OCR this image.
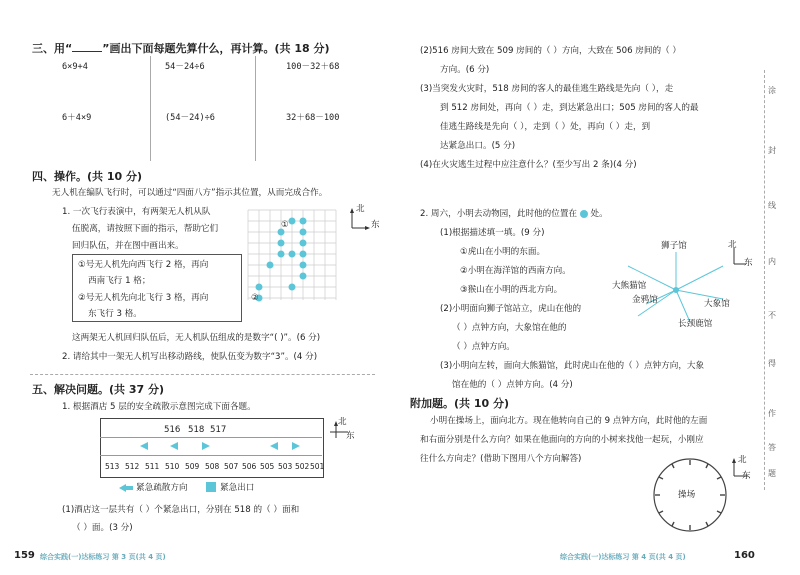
三、用“	”画出下面每题先算什么，再计算。(共 18 分)
6×9+4	54－24÷6	100－32＋68
6＋4×9	(54－24)÷6	32＋68－100
四、操作。(共 10 分)
无人机在编队飞行时，可以通过“四面八方”指示其位置，从而完成合作。
1. 一次飞行表演中，有两架无人机从队
伍脱离，请按照下面的指示，帮助它们
回归队伍，并在图中画出来。
①号无人机先向西飞行 2 格，再向
西南飞行 1 格；
②号无人机先向北飞行 3 格，再向
东飞行 3 格。
①
②
北
东
这两架无人机回归队伍后，无人机队伍组成的是数字“( )”。(6 分)
2. 请给其中一架无人机写出移动路线，使队伍变为数字“3”。(4 分)
五、解决问题。(共 37 分)
1. 根据酒店 5 层的安全疏散示意图完成下面各题。
516 518 517
513 512 511 510 509 508 507 506 505 503 502 501
北
东
紧急疏散方向	紧急出口
(1)酒店这一层共有（ ）个紧急出口，分别在 518 的（ ）面和
（ ）面。(3 分)
159 综合实践(一)达标练习 第 3 页(共 4 页)
(2)516 房间大致在 509 房间的（ ）方向，大致在 506 房间的（ ）
方向。(6 分)
(3)当突发火灾时，518 房间的客人的最佳逃生路线是先向（ ），走
到 512 房间处，再向（ ）走，到达紧急出口；505 房间的客人的最
佳逃生路线是先向（ ），走到（ ）处，再向（ ）走，到
达紧急出口。(5 分)
(4)在火灾逃生过程中应注意什么？(至少写出 2 条)(4 分)
2. 周六，小明去动物园，此时他的位置在 处。
(1)根据描述填一填。(9 分)
①虎山在小明的东面。
②小明在海洋馆的西南方向。
③猴山在小明的西北方向。
(2)小明面向狮子馆站立，虎山在他的
（ ）点钟方向，大象馆在他的
（ ）点钟方向。
狮子馆
大熊猫馆
金鸦馆	大象馆
长颈鹿馆
北
东
(3)小明向左转，面向大熊猫馆，此时虎山在他的（ ）点钟方向，大象
馆在他的（ ）点钟方向。(4 分)
附加题。(共 10 分)
小明在操场上，面向北方。现在他转向自己的 9 点钟方向，此时他的左面
和右面分别是什么方向？如果在他面向的方向的小树来找他一起玩，小刚应
往什么方向走？(借助下图用八个方向解答)
操场
北
东
涂
封
线
内
不
得
作
答
题
综合实践(一)达标练习 第 4 页(共 4 页)	160
